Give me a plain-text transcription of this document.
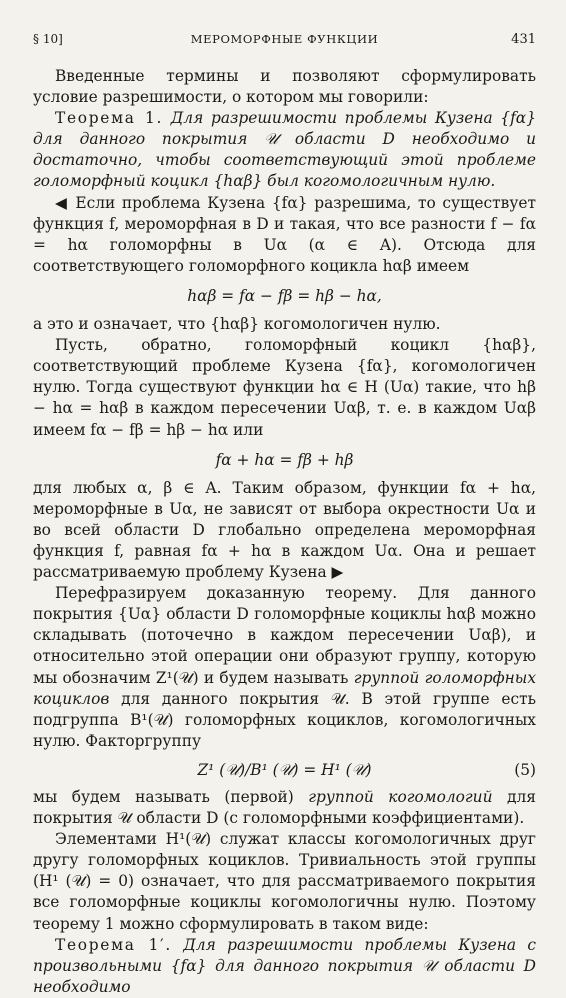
§ 10]	МЕРОМОРФНЫЕ ФУНКЦИИ	431

Введенные термины и позволяют сформулировать условие разрешимости, о котором мы говорили:

Теорема 1. Для разрешимости проблемы Кузена {fα} для данного покрытия 𝒰 области D необходимо и достаточно, чтобы соответствующий этой проблеме голоморфный коцикл {hαβ} был когомологичным нулю.

◀ Если проблема Кузена {fα} разрешима, то существует функция f, мероморфная в D и такая, что все разности f − fα = hα голоморфны в Uα (α ∈ A). Отсюда для соответствующего голоморфного коцикла hαβ имеем

hαβ = fα − fβ = hβ − hα,

а это и означает, что {hαβ} когомологичен нулю.

Пусть, обратно, голоморфный коцикл {hαβ}, соответствующий проблеме Кузена {fα}, когомологичен нулю. Тогда существуют функции hα ∈ H (Uα) такие, что hβ − hα = hαβ в каждом пересечении Uαβ, т. е. в каждом Uαβ имеем fα − fβ = hβ − hα или

fα + hα = fβ + hβ

для любых α, β ∈ A. Таким образом, функции fα + hα, мероморфные в Uα, не зависят от выбора окрестности Uα и во всей области D глобально определена мероморфная функция f, равная fα + hα в каждом Uα. Она и решает рассматриваемую проблему Кузена ▶

Перефразируем доказанную теорему. Для данного покрытия {Uα} области D голоморфные коциклы hαβ можно складывать (поточечно в каждом пересечении Uαβ), и относительно этой операции они образуют группу, которую мы обозначим Z¹(𝒰) и будем называть группой голоморфных коциклов для данного покрытия 𝒰. В этой группе есть подгруппа B¹(𝒰) голоморфных коциклов, когомологичных нулю. Факторгруппу

Z¹ (𝒰)/B¹ (𝒰) = H¹ (𝒰)	(5)

мы будем называть (первой) группой когомологий для покрытия 𝒰 области D (с голоморфными коэффициентами).

Элементами H¹(𝒰) служат классы когомологичных друг другу голоморфных коциклов. Тривиальность этой группы (H¹ (𝒰) = 0) означает, что для рассматриваемого покрытия все голоморфные коциклы когомологичны нулю. Поэтому теорему 1 можно сформулировать в таком виде:

Теорема 1′. Для разрешимости проблемы Кузена с произвольными {fα} для данного покрытия 𝒰 области D необходимо
